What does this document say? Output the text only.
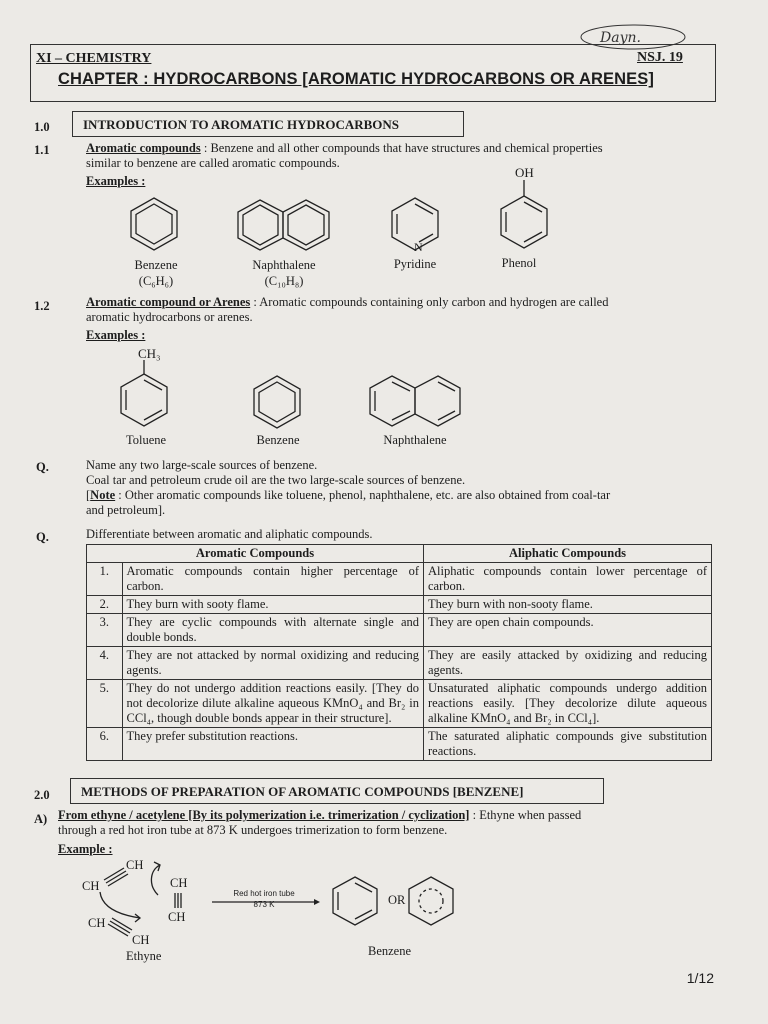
Dayn.
XI – CHEMISTRY	NSJ. 19
CHAPTER : HYDROCARBONS [AROMATIC HYDROCARBONS OR ARENES]
1.0	INTRODUCTION TO AROMATIC HYDROCARBONS
1.1	Aromatic compounds : Benzene and all other compounds that have structures and chemical properties
similar to benzene are called aromatic compounds.
Examples :
N
OH
Benzene
(C₆H₆)
Naphthalene
(C₁₀H₈)
Pyridine	Phenol
1.2	Aromatic compound or Arenes : Aromatic compounds containing only carbon and hydrogen are called
aromatic hydrocarbons or arenes.
Examples :
CH₃
Toluene	Benzene	Naphthalene
Q.	Name any two large-scale sources of benzene.
Coal tar and petroleum crude oil are the two large-scale sources of benzene.
[Note : Other aromatic compounds like toluene, phenol, naphthalene, etc. are also obtained from coal-tar
and petroleum].
Q.	Differentiate between aromatic and aliphatic compounds.
Aromatic Compounds		Aliphatic Compounds
1.	Aromatic compounds contain higher percentage of carbon.	Aliphatic compounds contain lower percentage of carbon.
2.	They burn with sooty flame.	They burn with non-sooty flame.
3.	They are cyclic compounds with alternate single and double bonds.	They are open chain compounds.
4.	They are not attacked by normal oxidizing and reducing agents.	They are easily attacked by oxidizing and reducing agents.
5.	They do not undergo addition reactions easily. [They do not decolorize dilute alkaline aqueous KMnO₄ and Br₂ in CCl₄, though double bonds appear in their structure].	Unsaturated aliphatic compounds undergo addition reactions easily. [They decolorize dilute aqueous alkaline KMnO₄ and Br₂ in CCl₄].
6.	They prefer substitution reactions.	The saturated aliphatic compounds give substitution reactions.
2.0	METHODS OF PREPARATION OF AROMATIC COMPOUNDS [BENZENE]
A) From ethyne / acetylene [By its polymerization i.e. trimerization / cyclization] : Ethyne when passed
through a red hot iron tube at 873 K undergoes trimerization to form benzene.
Example :
CH
CH	CH
CH
CH
CH
Red hot iron tube
873 K	OR
Ethyne	Benzene
1/12
